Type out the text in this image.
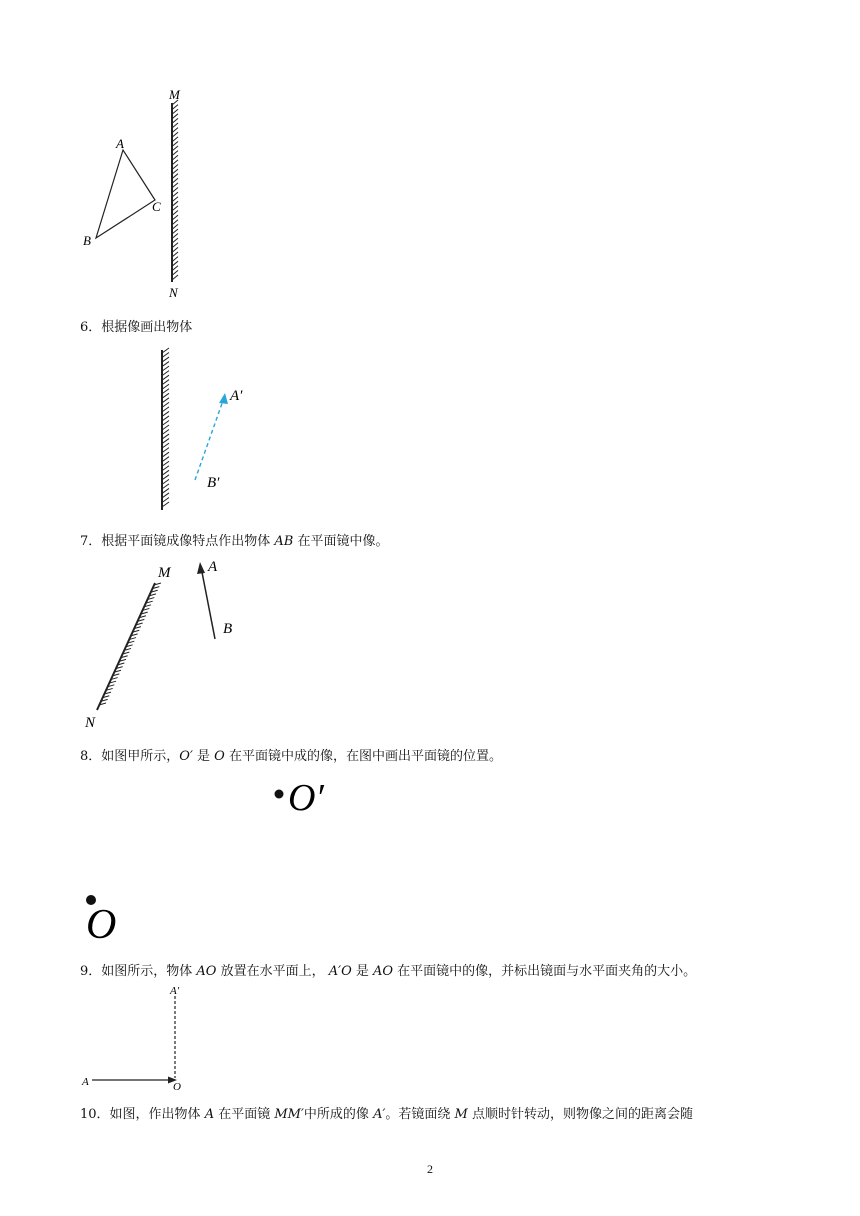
M
N
A
B
C
6．根据像画出物体
A′
B′
7．根据平面镜成像特点作出物体 AB 在平面镜中像。
M
N
A
B
8．如图甲所示，O′ 是 O 在平面镜中成的像，在图中画出平面镜的位置。
O′
O
9．如图所示，物体 AO 放置在水平面上， A′O 是 AO 在平面镜中的像，并标出镜面与水平面夹角的大小。
A′
A	O
10．如图，作出物体 A 在平面镜 MM′中所成的像 A′。若镜面绕 M 点顺时针转动，则物像之间的距离会随
2
